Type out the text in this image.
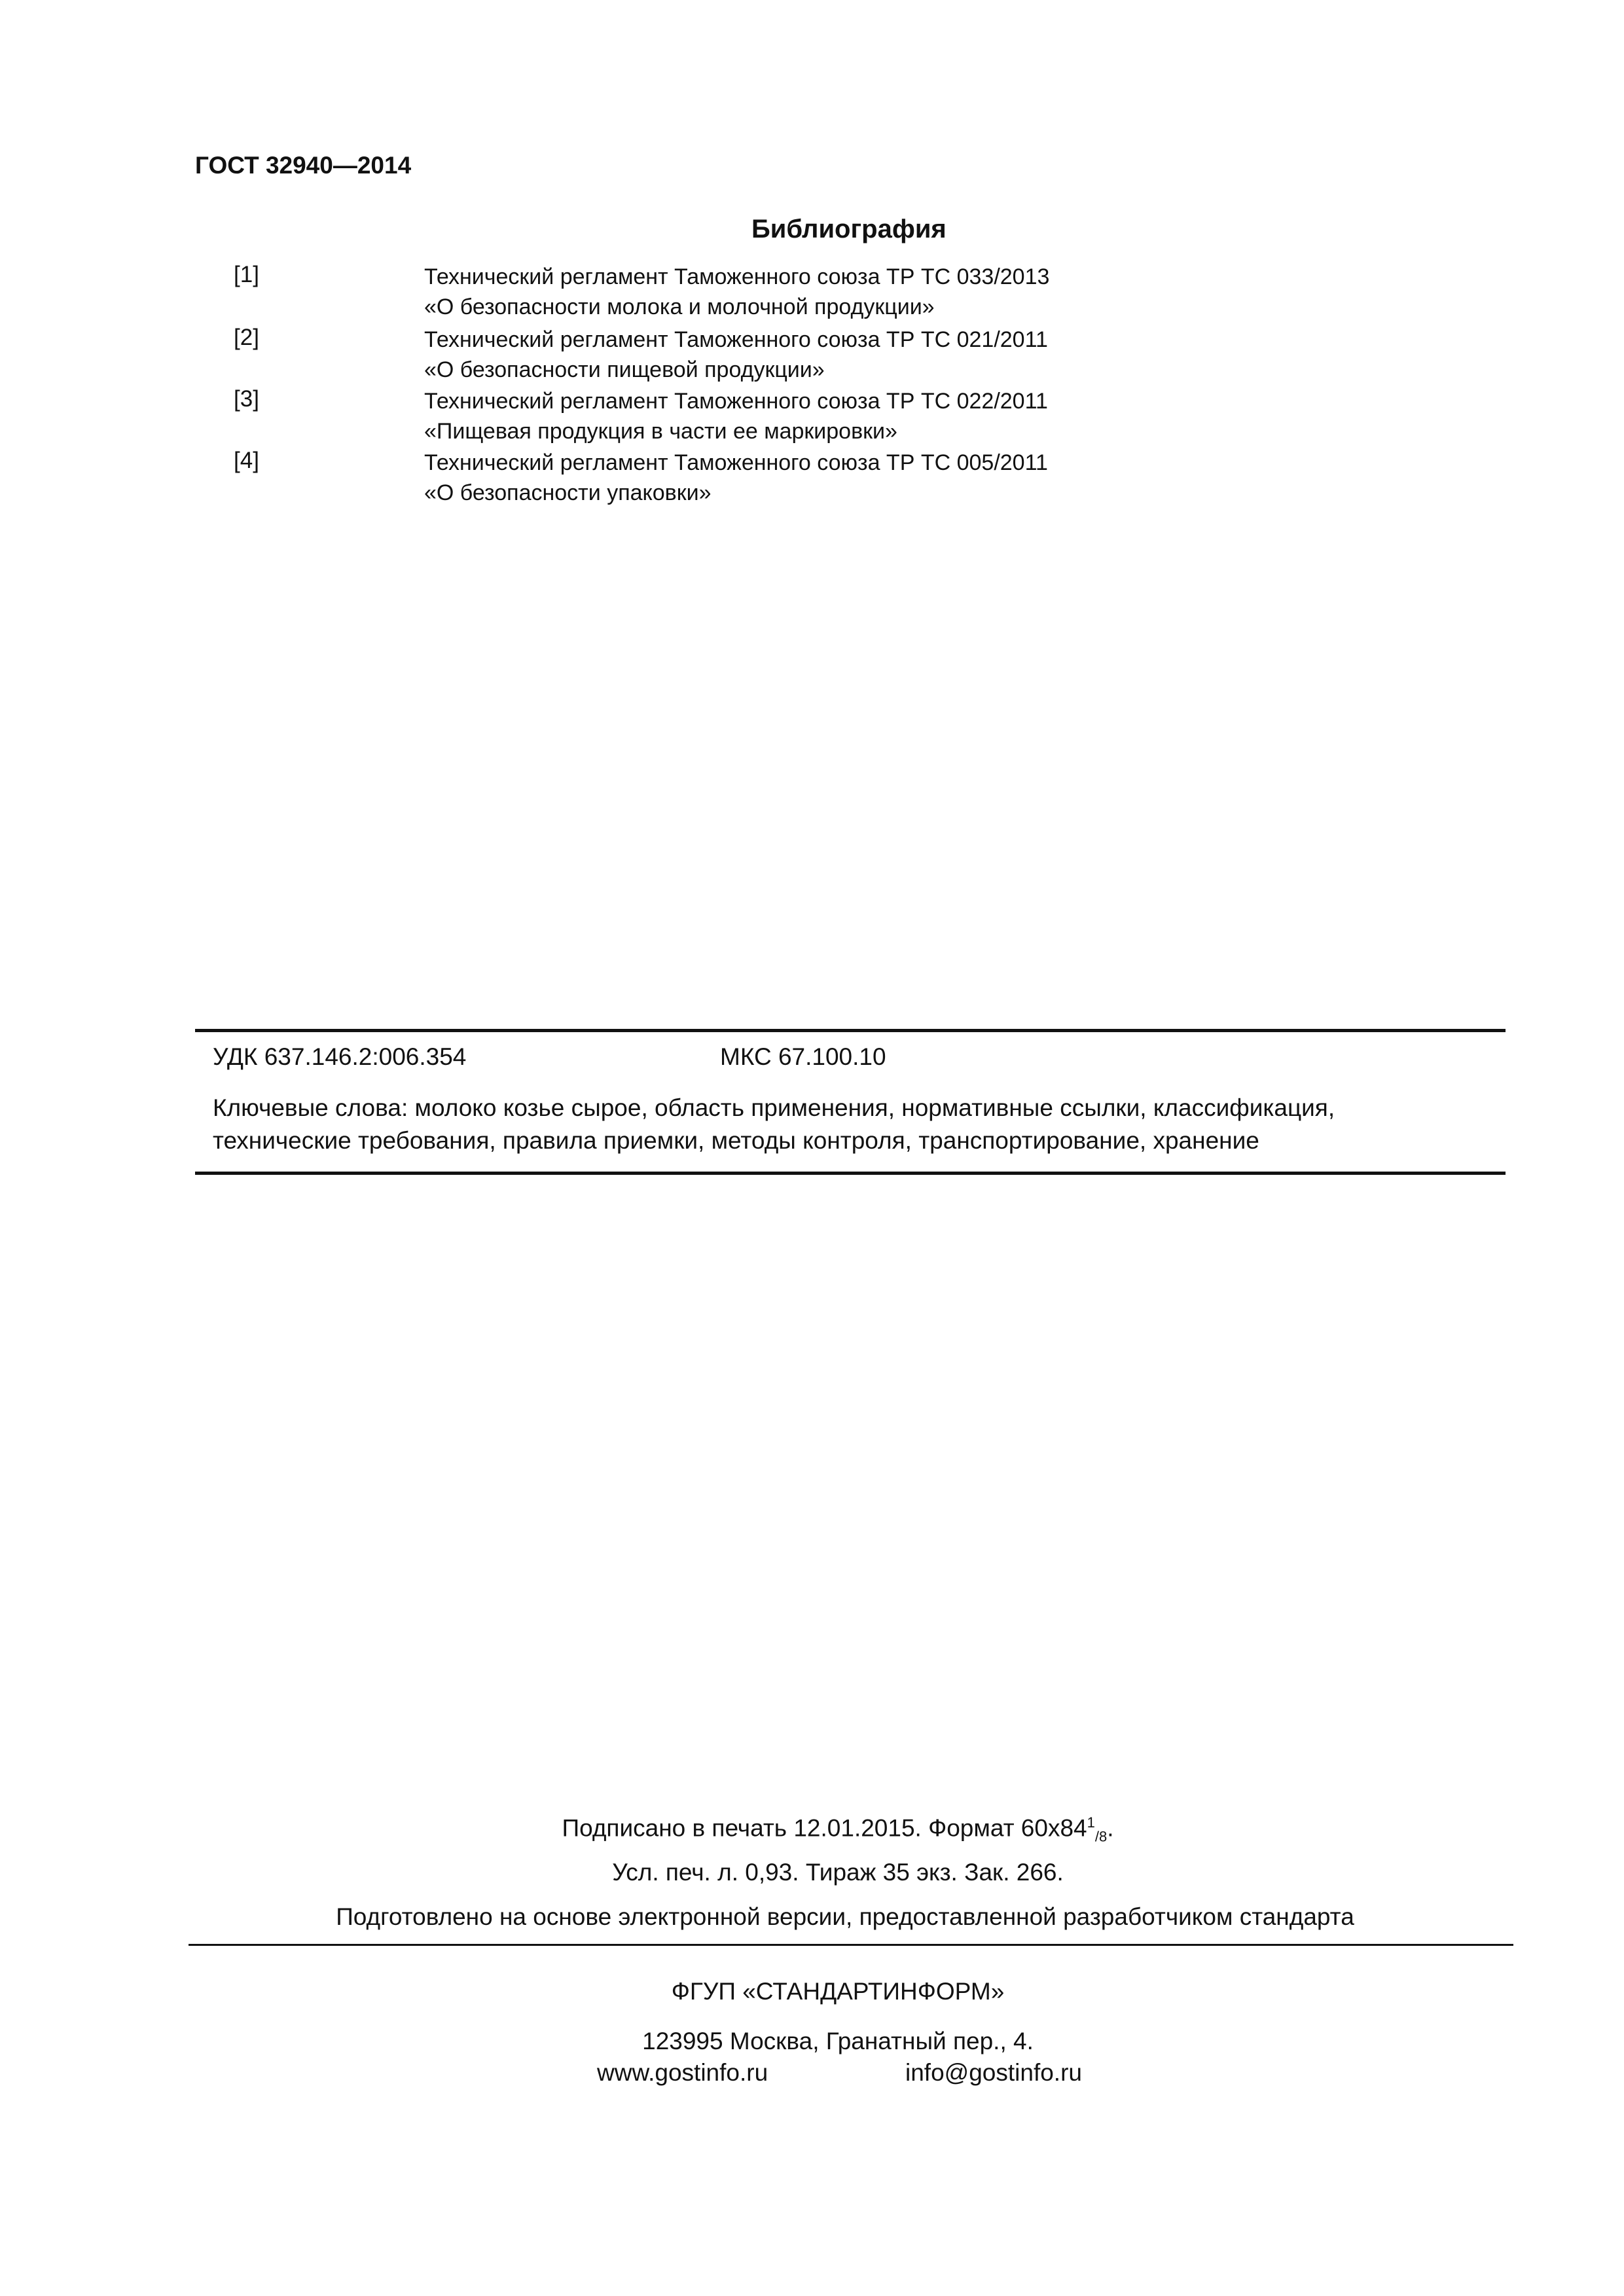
ГОСТ 32940—2014
Библиография
[1]	Технический регламент Таможенного союза ТР ТС 033/2013
«О безопасности молока и молочной продукции»
[2]	Технический регламент Таможенного союза ТР ТС 021/2011
«О безопасности пищевой продукции»
[3]	Технический регламент Таможенного союза ТР ТС 022/2011
«Пищевая продукция в части ее маркировки»
[4]	Технический регламент Таможенного союза ТР ТС 005/2011
«О безопасности упаковки»
УДК 637.146.2:006.354	МКС 67.100.10
Ключевые слова: молоко козье сырое, область применения, нормативные ссылки, классификация,
технические требования, правила приемки, методы контроля, транспортирование, хранение
Подписано в печать 12.01.2015. Формат $60x84^1_{/8}$.
Усл. печ. л. 0,93. Тираж 35 экз. Зак. 266.
Подготовлено на основе электронной версии, предоставленной разработчиком стандарта
ФГУП «СТАНДАРТИНФОРМ»
123995 Москва, Гранатный пер., 4.
www.gostinfo.ru	info@gostinfo.ru
